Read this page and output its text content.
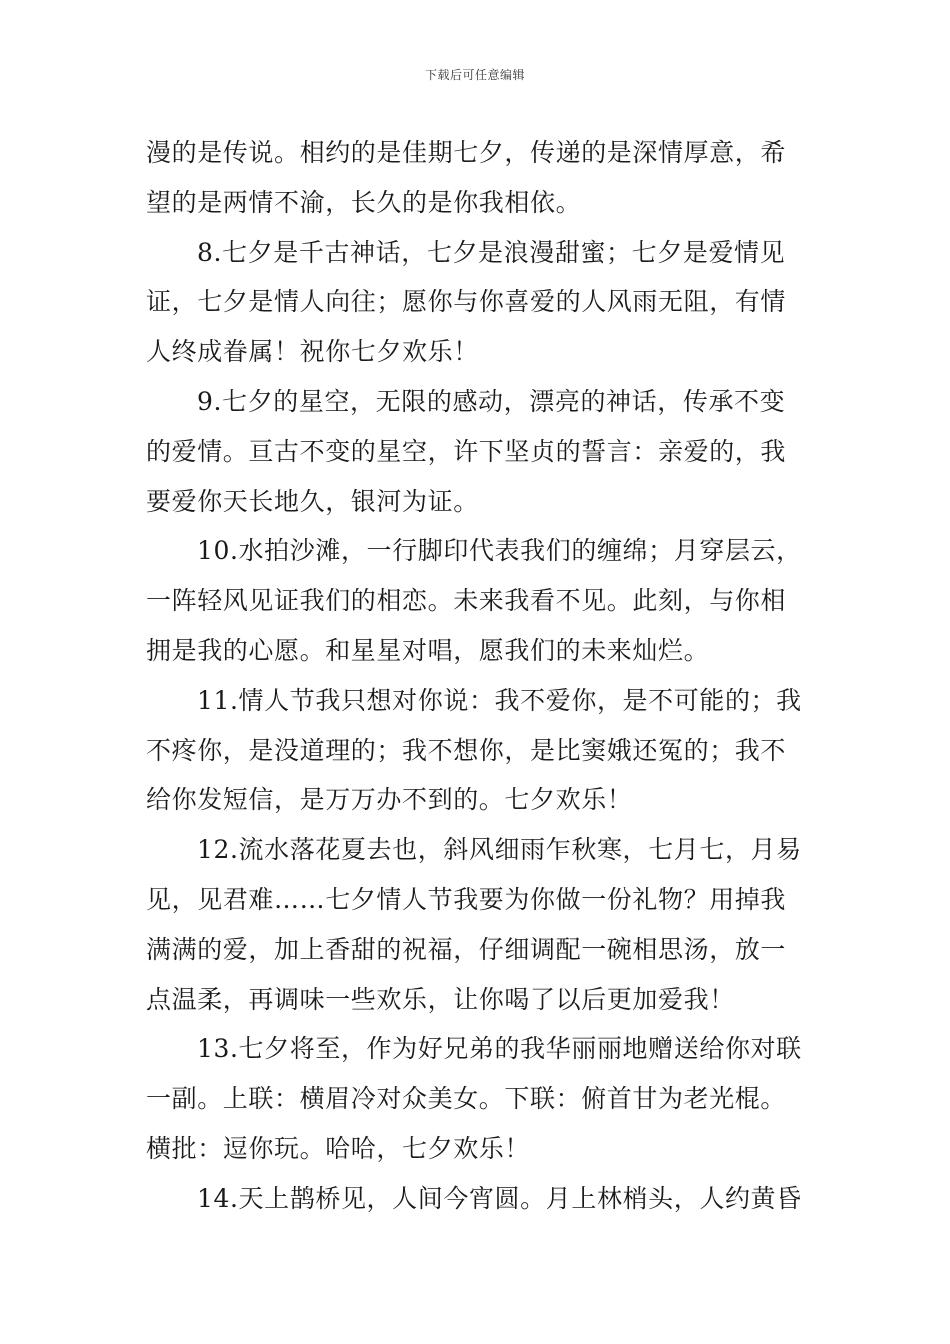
下载后可任意编辑
漫的是传说。相约的是佳期七夕，传递的是深情厚意，希
望的是两情不渝，长久的是你我相依。
8.七夕是千古神话，七夕是浪漫甜蜜；七夕是爱情见
证，七夕是情人向往；愿你与你喜爱的人风雨无阻，有情
人终成眷属！祝你七夕欢乐！
9.七夕的星空，无限的感动，漂亮的神话，传承不变
的爱情。亘古不变的星空，许下坚贞的誓言：亲爱的，我
要爱你天长地久，银河为证。
10.水拍沙滩，一行脚印代表我们的缠绵；月穿层云，
一阵轻风见证我们的相恋。未来我看不见。此刻，与你相
拥是我的心愿。和星星对唱，愿我们的未来灿烂。
11.情人节我只想对你说：我不爱你，是不可能的；我
不疼你，是没道理的；我不想你，是比窦娥还冤的；我不
给你发短信，是万万办不到的。七夕欢乐！
12.流水落花夏去也，斜风细雨乍秋寒，七月七，月易
见，见君难……七夕情人节我要为你做一份礼物？用掉我
满满的爱，加上香甜的祝福，仔细调配一碗相思汤，放一
点温柔，再调味一些欢乐，让你喝了以后更加爱我！
13.七夕将至，作为好兄弟的我华丽丽地赠送给你对联
一副。上联：横眉冷对众美女。下联：俯首甘为老光棍。
横批：逗你玩。哈哈，七夕欢乐！
14.天上鹊桥见，人间今宵圆。月上林梢头，人约黄昏
